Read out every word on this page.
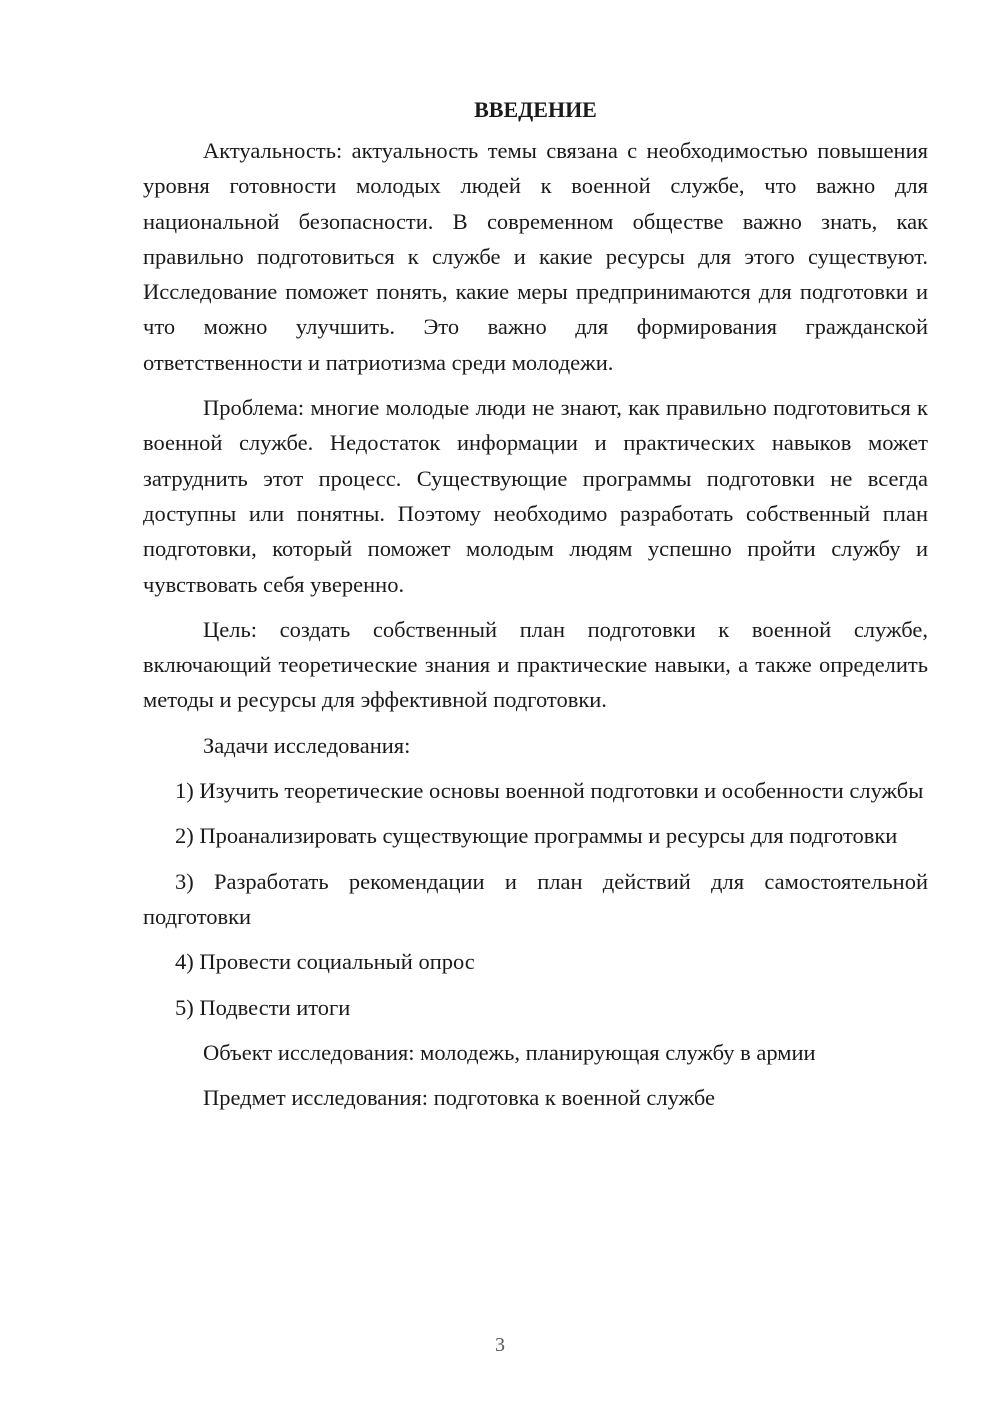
ВВЕДЕНИЕ

Актуальность: актуальность темы связана с необходимостью повышения уровня готовности молодых людей к военной службе, что важно для национальной безопасности. В современном обществе важно знать, как правильно подготовиться к службе и какие ресурсы для этого существуют. Исследование поможет понять, какие меры предпринимаются для подготовки и что можно улучшить. Это важно для формирования гражданской ответственности и патриотизма среди молодежи.

Проблема: многие молодые люди не знают, как правильно подготовиться к военной службе. Недостаток информации и практических навыков может затруднить этот процесс. Существующие программы подготовки не всегда доступны или понятны. Поэтому необходимо разработать собственный план подготовки, который поможет молодым людям успешно пройти службу и чувствовать себя уверенно.

Цель: создать собственный план подготовки к военной службе, включающий теоретические знания и практические навыки, а также определить методы и ресурсы для эффективной подготовки.

Задачи исследования:

1) Изучить теоретические основы военной подготовки и особенности службы

2) Проанализировать существующие программы и ресурсы для подготовки

3) Разработать рекомендации и план действий для самостоятельной подготовки

4) Провести социальный опрос

5) Подвести итоги

Объект исследования: молодежь, планирующая службу в армии

Предмет исследования: подготовка к военной службе

3
